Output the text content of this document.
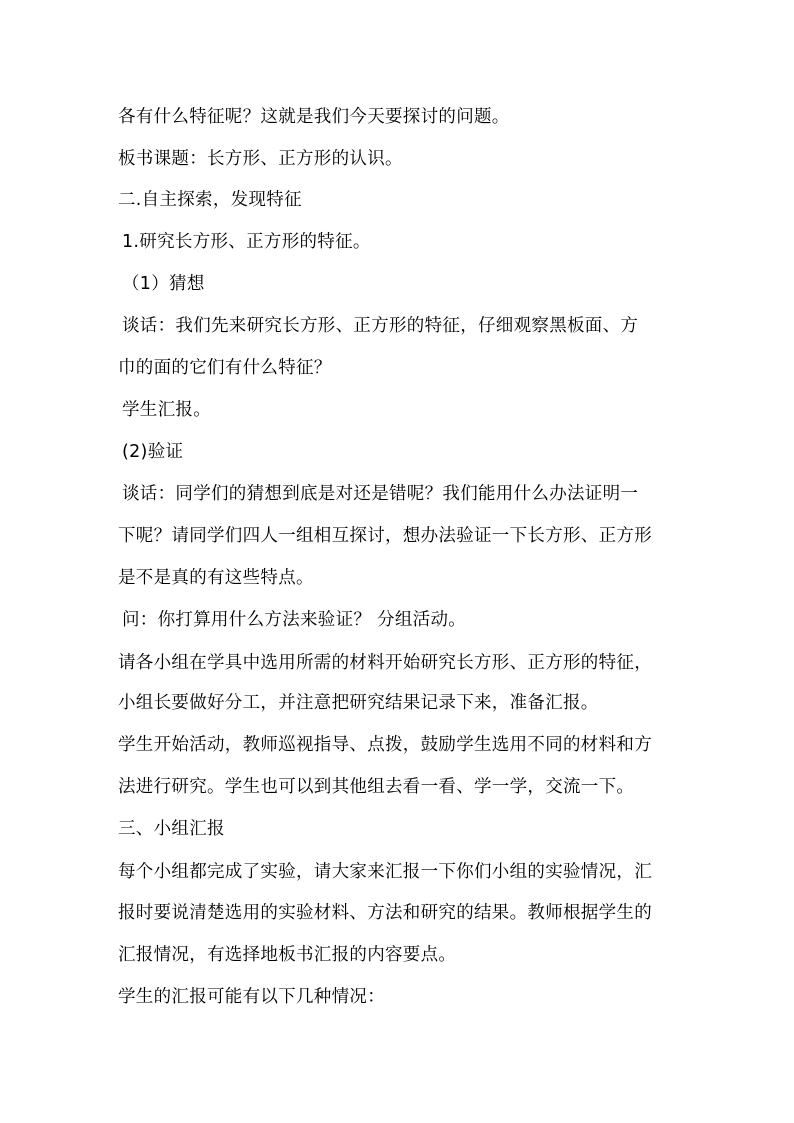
各有什么特征呢？这就是我们今天要探讨的问题。
板书课题：长方形、正方形的认识。
二.自主探索，发现特征
1.研究长方形、正方形的特征。
（1）猜想
谈话：我们先来研究长方形、正方形的特征，仔细观察黑板面、方
巾的面的它们有什么特征？
学生汇报。
(2)验证
谈话：同学们的猜想到底是对还是错呢？我们能用什么办法证明一
下呢？请同学们四人一组相互探讨，想办法验证一下长方形、正方形
是不是真的有这些特点。
问：你打算用什么方法来验证？ 分组活动。
请各小组在学具中选用所需的材料开始研究长方形、正方形的特征，
小组长要做好分工，并注意把研究结果记录下来，准备汇报。
学生开始活动，教师巡视指导、点拨，鼓励学生选用不同的材料和方
法进行研究。学生也可以到其他组去看一看、学一学，交流一下。
三、小组汇报
每个小组都完成了实验，请大家来汇报一下你们小组的实验情况，汇
报时要说清楚选用的实验材料、方法和研究的结果。教师根据学生的
汇报情况，有选择地板书汇报的内容要点。
学生的汇报可能有以下几种情况：
